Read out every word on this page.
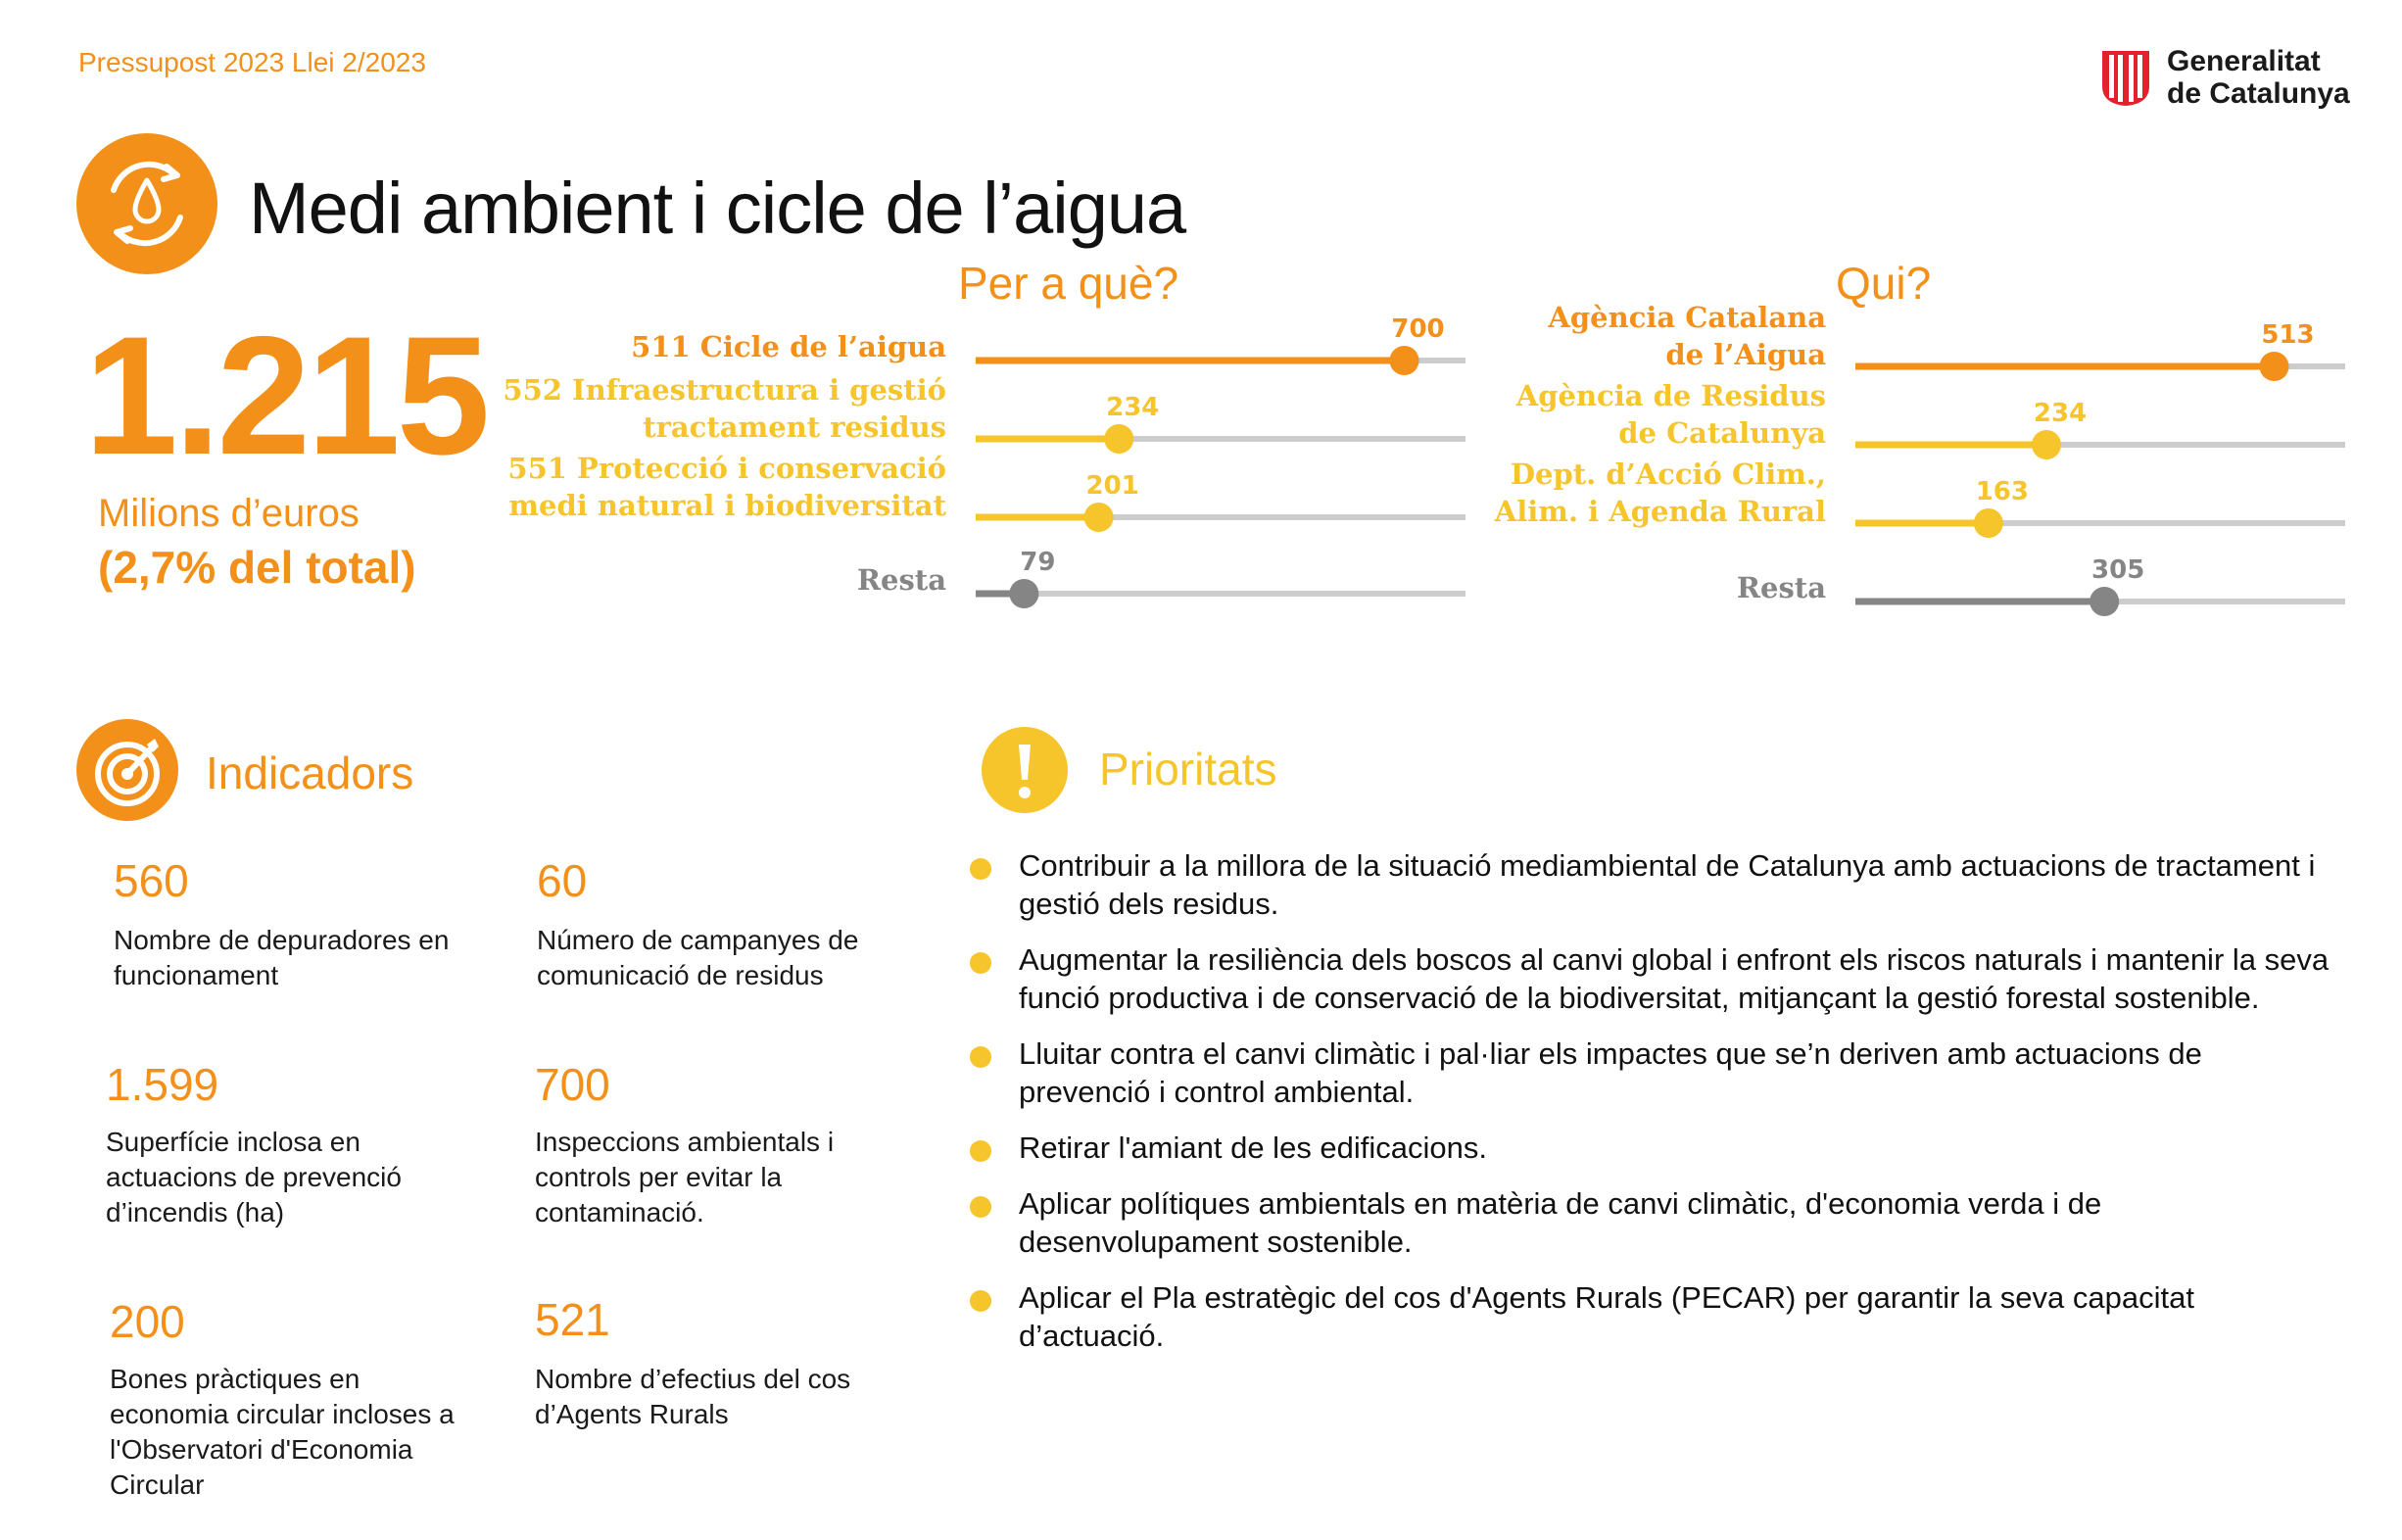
Pressupost 2023 Llei 2/2023	Generalitat
de Catalunya
Medi ambient i cicle de l’aigua
1.215
Milions d’euros
(2,7% del total)
Per a què?	Qui?
700
511 Cicle de l’aigua
234
552 Infraestructura i gestió
tractament residus
201
551 Protecció i conservació
medi natural i biodiversitat
79
Resta
513
Agència Catalana
de l’Aigua
234
Agència de Residus
de Catalunya
163
Dept. d’Acció Clim.,
Alim. i Agenda Rural
305
Resta
Indicadors
560
Nombre de depuradores en funcionament
60
Número de campanyes de comunicació de residus
1.599
Superfície inclosa en actuacions de prevenció d’incendis (ha)
700
Inspeccions ambientals i controls per evitar la contaminació.
200
Bones pràctiques en economia circular incloses a l'Observatori d'Economia Circular
521
Nombre d’efectius del cos d’Agents Rurals
Prioritats
Contribuir a la millora de la situació mediambiental de Catalunya amb actuacions de tractament i gestió dels residus.
Augmentar la resiliència dels boscos al canvi global i enfront els riscos naturals i mantenir la seva funció productiva i de conservació de la biodiversitat, mitjançant la gestió forestal sostenible.
Lluitar contra el canvi climàtic i pal·liar els impactes que se’n deriven amb actuacions de prevenció i control ambiental.
Retirar l'amiant de les edificacions.
Aplicar polítiques ambientals en matèria de canvi climàtic, d'economia verda i de desenvolupament sostenible.
Aplicar el Pla estratègic del cos d'Agents Rurals (PECAR) per garantir la seva capacitat d’actuació.
